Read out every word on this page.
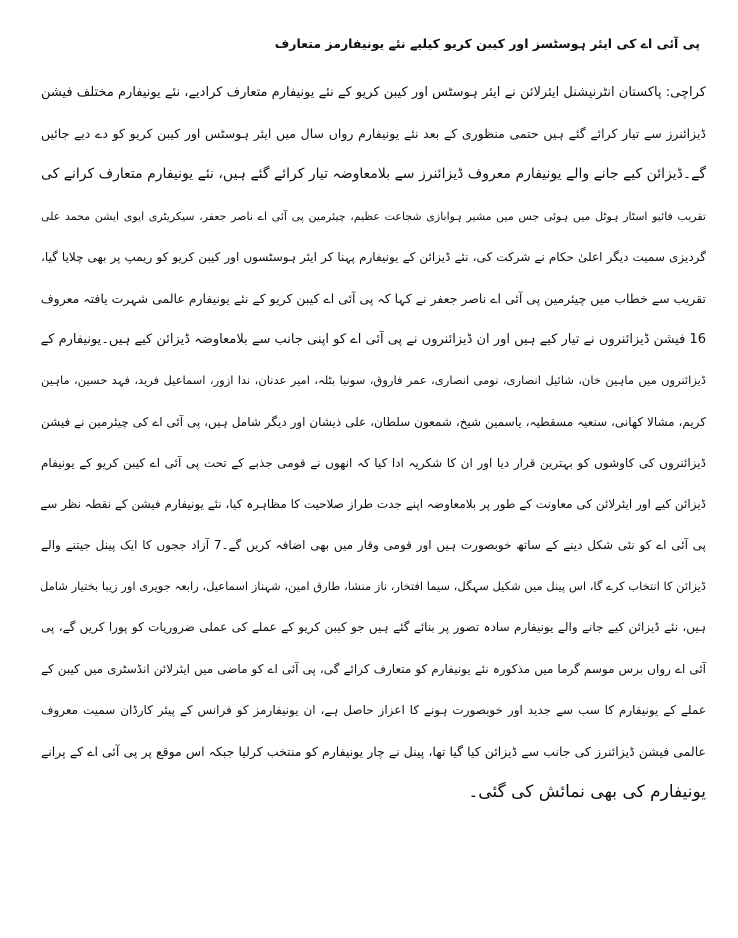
پی آئی اے کی ایئر ہوسٹسز اور کیبن کریو کیلیے نئے یونیفارمز متعارف
کراچی: پاکستان انٹرنیشنل ایئرلائن نے ایئر ہوسٹس اور کیبن کریو کے نئے یونیفارم متعارف کرادیے، نئے یونیفارم مختلف فیشن
ڈیزائنرز سے تیار کرائے گئے ہیں حتمی منظوری کے بعد نئے یونیفارم رواں سال میں ایئر ہوسٹس اور کیبن کریو کو دے دیے جائیں
گے۔ڈیزائن کیے جانے والے یونیفارم معروف ڈیزائنرز سے بلامعاوضہ تیار کرائے گئے ہیں، نئے یونیفارم متعارف کرانے کی
تقریب فائیو اسٹار ہوٹل میں ہوئی جس میں مشیر ہوابازی شجاعت عظیم، چیئرمین پی آئی اے ناصر جعفر، سیکریٹری ایوی ایشن محمد علی
گردیزی سمیت دیگر اعلیٰ حکام نے شرکت کی، نئے ڈیزائن کے یونیفارم پہنا کر ایئر ہوسٹسوں اور کیبن کریو کو ریمپ پر بھی چلایا گیا،
تقریب سے خطاب میں چیئرمین پی آئی اے ناصر جعفر نے کہا کہ پی آئی اے کیبن کریو کے نئے یونیفارم عالمی شہرت یافتہ معروف
16 فیشن ڈیزائنروں نے تیار کیے ہیں اور ان ڈیزائنروں نے پی آئی اے کو اپنی جانب سے بلامعاوضہ ڈیزائن کیے ہیں۔یونیفارم کے
ڈیزائنروں میں ماہین خان، شائیل انصاری، نومی انصاری، عمر فاروق، سونیا بٹلہ، امیر عدنان، ندا ازور، اسماعیل فرید، فہد حسین، ماہین
کریم، مشالا کھانی، سنعیہ مسقطیہ، یاسمین شیخ، شمعون سلطان، علی ذیشان اور دیگر شامل ہیں، پی آئی اے کی چیئرمین نے فیشن
ڈیزائنروں کی کاوشوں کو بہترین قرار دیا اور ان کا شکریہ ادا کیا کہ انھوں نے قومی جذبے کے تحت پی آئی اے کیبن کریو کے یونیفام
ڈیزائن کیے اور ایئرلائن کی معاونت کے طور پر بلامعاوضہ اپنے جدت طراز صلاحیت کا مظاہرہ کیا، نئے یونیفارم فیشن کے نقطہ نظر سے
پی آئی اے کو نئی شکل دینے کے ساتھ خوبصورت ہیں اور قومی وقار میں بھی اضافہ کریں گے۔7 آزاد ججوں کا ایک پینل جیتنے والے
ڈیزائن کا انتخاب کرے گا، اس پینل میں شکیل سہگل، سیما افتخار، ناز منشا، طارق امین، شہناز اسماعیل، رابعہ جویری اور زیبا بختیار شامل
ہیں، نئے ڈیزائن کیے جانے والے یونیفارم سادہ تصور پر بنائے گئے ہیں جو کیبن کریو کے عملے کی عملی ضروریات کو پورا کریں گے، پی
آئی اے رواں برس موسم گرما میں مذکورہ نئے یونیفارم کو متعارف کرائے گی، پی آئی اے کو ماضی میں ایئرلائن انڈسٹری میں کیبن کے
عملے کے یونیفارم کا سب سے جدید اور خوبصورت ہونے کا اعزاز حاصل ہے، ان یونیفارمز کو فرانس کے پیئر کارڈان سمیت معروف
عالمی فیشن ڈیزائنرز کی جانب سے ڈیزائن کیا گیا تھا، پینل نے چار یونیفارم کو منتخب کرلیا جبکہ اس موقع پر پی آئی اے کے پرانے
یونیفارم کی بھی نمائش کی گئی۔
